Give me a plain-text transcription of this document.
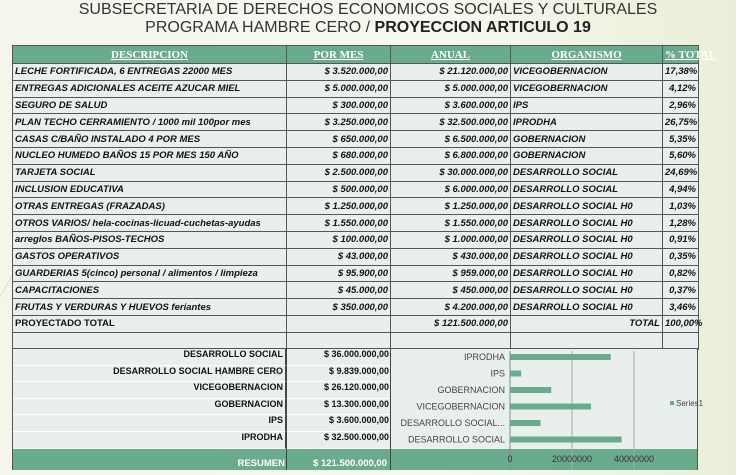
SUBSECRETARIA DE DERECHOS ECONOMICOS SOCIALES Y CULTURALES
PROGRAMA HAMBRE CERO / PROYECCION ARTICULO 19
DESCRIPCION	POR MES	ANUAL	ORGANISMO	% TOTAL
LECHE FORTIFICADA, 6 ENTREGAS 22000 MES	$ 3.520.000,00	$ 21.120.000,00	VICEGOBERNACION	17,38%
ENTREGAS ADICIONALES ACEITE AZUCAR MIEL	$ 5.000.000,00	$ 5.000.000,00	VICEGOBERNACION	4,12%
SEGURO DE SALUD	$ 300.000,00	$ 3.600.000,00	IPS	2,96%
PLAN TECHO CERRAMIENTO / 1000 mil 100por mes	$ 3.250.000,00	$ 32.500.000,00	IPRODHA	26,75%
CASAS C/BAÑO INSTALADO 4 POR MES	$ 650.000,00	$ 6.500.000,00	GOBERNACION	5,35%
NUCLEO HUMEDO BAÑOS 15 POR MES 150 AÑO	$ 680.000,00	$ 6.800.000,00	GOBERNACION	5,60%
TARJETA SOCIAL	$ 2.500.000,00	$ 30.000.000,00	DESARROLLO SOCIAL	24,69%
INCLUSION EDUCATIVA	$ 500.000,00	$ 6.000.000,00	DESARROLLO SOCIAL	4,94%
OTRAS ENTREGAS (FRAZADAS)	$ 1.250.000,00	$ 1.250.000,00	DESARROLLO SOCIAL H0	1,03%
OTROS VARIOS/ hela-cocinas-licuad-cuchetas-ayudas	$ 1.550.000,00	$ 1.550.000,00	DESARROLLO SOCIAL H0	1,28%
arreglos BAÑOS-PISOS-TECHOS	$ 100.000,00	$ 1.000.000,00	DESARROLLO SOCIAL H0	0,91%
GASTOS OPERATIVOS	$ 43.000,00	$ 430.000,00	DESARROLLO SOCIAL H0	0,35%
GUARDERIAS 5(cinco) personal / alimentos / limpieza	$ 95.900,00	$ 959.000,00	DESARROLLO SOCIAL H0	0,82%
CAPACITACIONES	$ 45.000,00	$ 450.000,00	DESARROLLO SOCIAL H0	0,37%
FRUTAS Y VERDURAS Y HUEVOS feriantes	$ 350.000,00	$ 4.200.000,00	DESARROLLO SOCIAL H0	3,46%
PROYECTADO TOTAL		$ 121.500.000,00	TOTAL	100,00%

DESARROLLO SOCIAL	$ 36.000.000,00
DESARROLLO SOCIAL HAMBRE CERO	$ 9.839.000,00
VICEGOBERNACION	$ 26.120.000,00
GOBERNACION	$ 13.300.000,00
IPS	$ 3.600.000,00
IPRODHA	$ 32.500.000,00
RESUMEN	$ 121.500.000,00	0	20000000 40000000
IPRODHA
IPS
GOBERNACION
VICEGOBERNACION
DESARROLLO SOCIAL...
DESARROLLO SOCIAL
Series1
